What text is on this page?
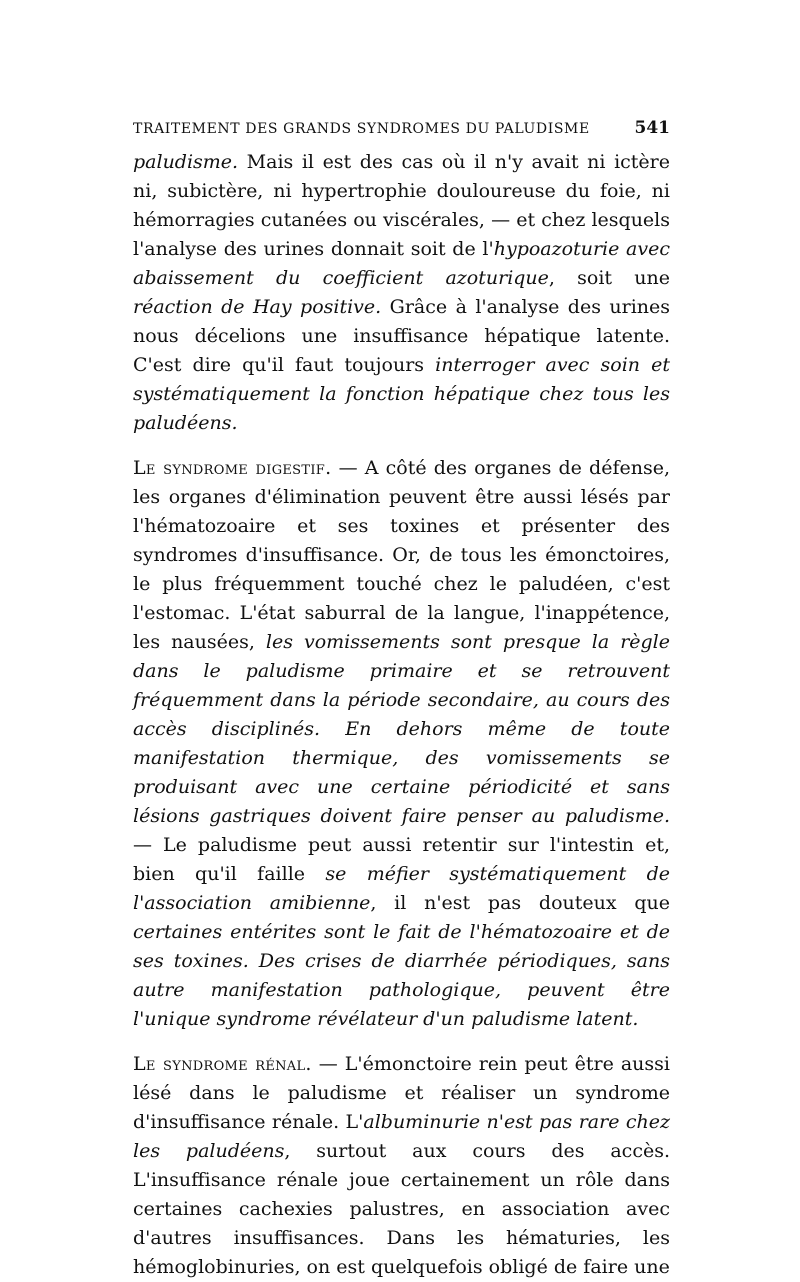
TRAITEMENT DES GRANDS SYNDROMES DU PALUDISME	541

paludisme. Mais il est des cas où il n'y avait ni ictère ni, subictère, ni hypertrophie douloureuse du foie, ni hémorragies cutanées ou viscérales, — et chez lesquels l'analyse des urines donnait soit de l'hypoazoturie avec abaissement du coefficient azoturique, soit une réaction de Hay positive. Grâce à l'analyse des urines nous décelions une insuffisance hépatique latente. C'est dire qu'il faut toujours interroger avec soin et systématiquement la fonction hépatique chez tous les paludéens.

Le syndrome digestif. — A côté des organes de défense, les organes d'élimination peuvent être aussi lésés par l'hématozoaire et ses toxines et présenter des syndromes d'insuffisance. Or, de tous les émonctoires, le plus fréquemment touché chez le paludéen, c'est l'estomac. L'état saburral de la langue, l'inappétence, les nausées, les vomissements sont presque la règle dans le paludisme primaire et se retrouvent fréquemment dans la période secondaire, au cours des accès disciplinés. En dehors même de toute manifestation thermique, des vomissements se produisant avec une certaine périodicité et sans lésions gastriques doivent faire penser au paludisme. — Le paludisme peut aussi retentir sur l'intestin et, bien qu'il faille se méfier systématiquement de l'association amibienne, il n'est pas douteux que certaines entérites sont le fait de l'hématozoaire et de ses toxines. Des crises de diarrhée périodiques, sans autre manifestation pathologique, peuvent être l'unique syndrome révélateur d'un paludisme latent.

Le syndrome rénal. — L'émonctoire rein peut être aussi lésé dans le paludisme et réaliser un syndrome d'insuffisance rénale. L'albuminurie n'est pas rare chez les paludéens, surtout aux cours des accès. L'insuffisance rénale joue certainement un rôle dans certaines cachexies palustres, en association avec d'autres insuffisances. Dans les hématuries, les hémoglobinuries, on est quelquefois obligé de faire une
